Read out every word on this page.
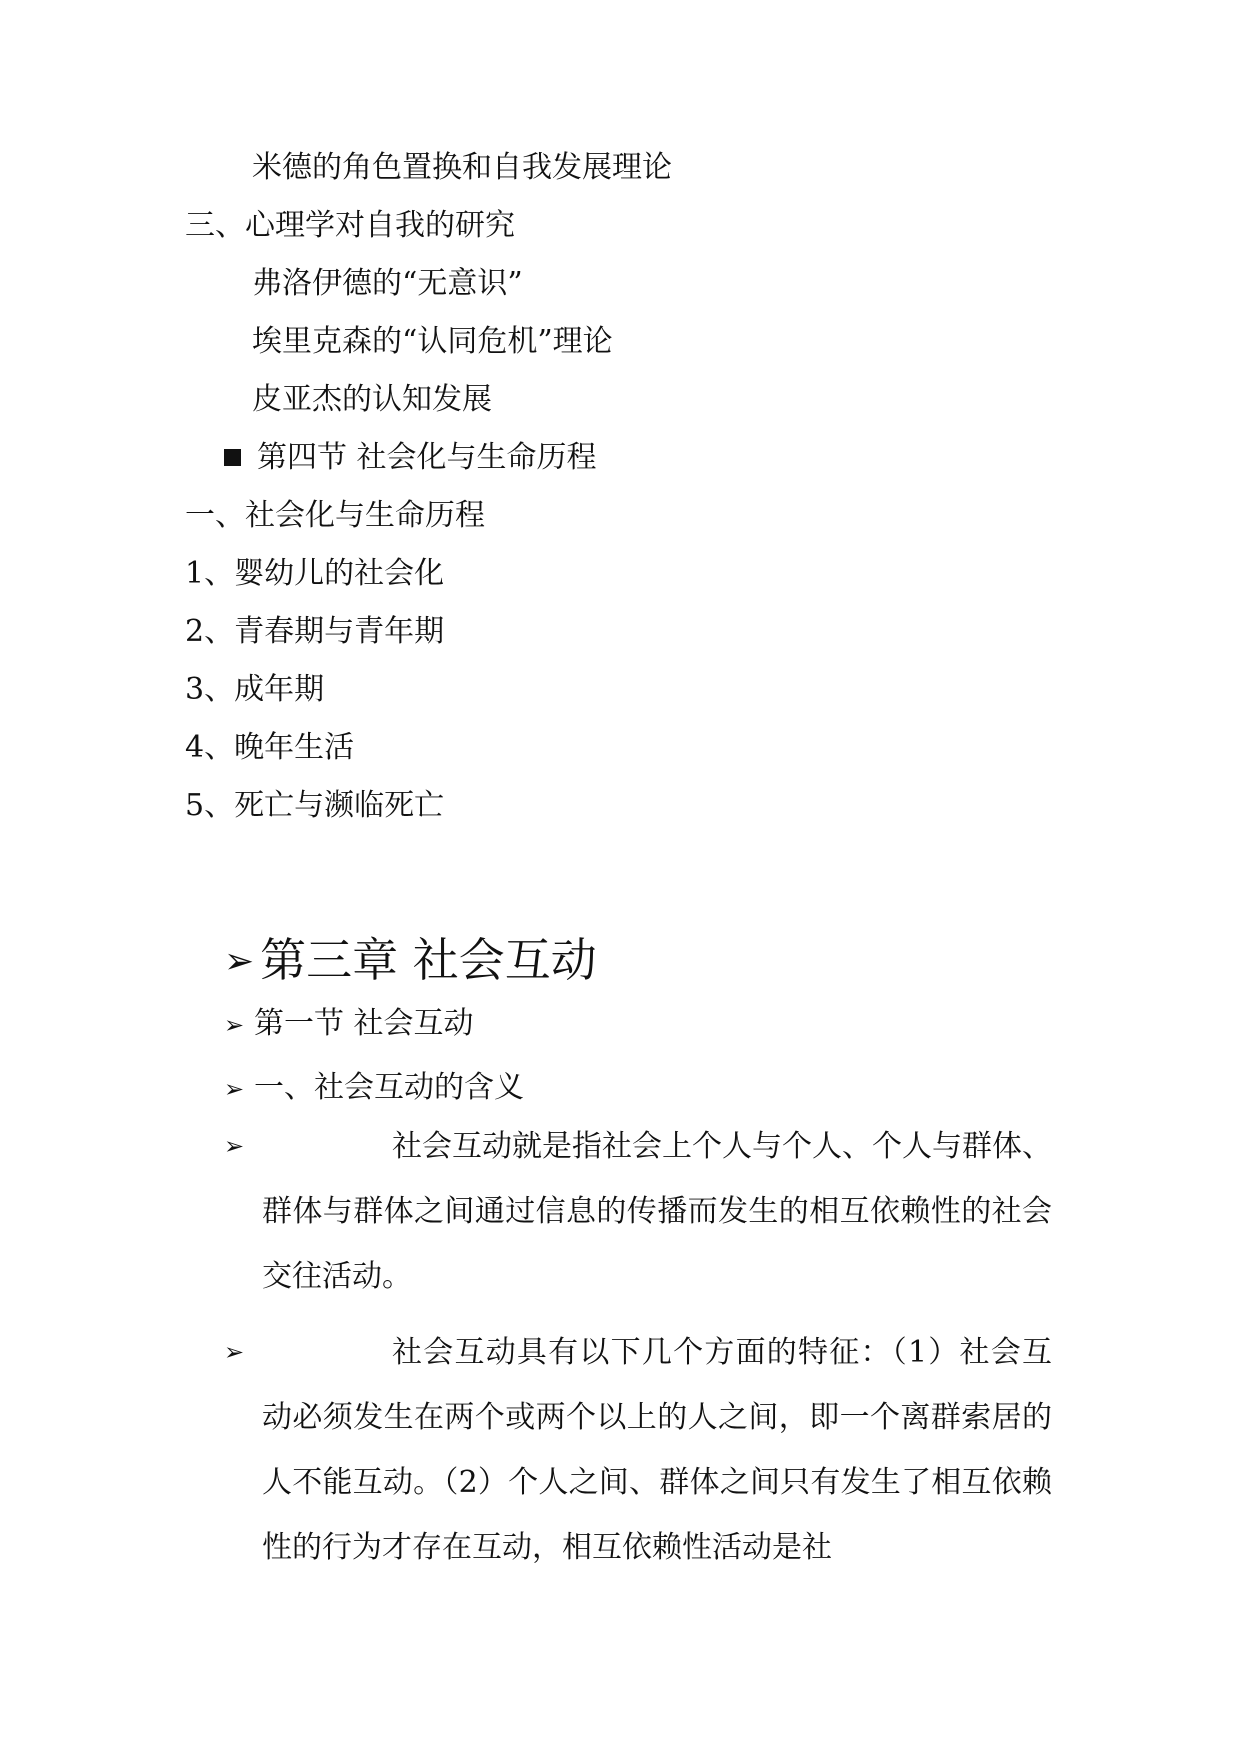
米德的角色置换和自我发展理论
三、心理学对自我的研究
弗洛伊德的“无意识”
埃里克森的“认同危机”理论
皮亚杰的认知发展
第四节 社会化与生命历程
一、社会化与生命历程
1、婴幼儿的社会化
2、青春期与青年期
3、成年期
4、晚年生活
5、死亡与濒临死亡
➢ 第三章 社会互动
➢ 第一节 社会互动
➢ 一、社会互动的含义
➢	社会互动就是指社会上个人与个人、个人与群体、群体与群体之间通过信息的传播而发生的相互依赖性的社会交往活动。
➢	社会互动具有以下几个方面的特征：（1）社会互动必须发生在两个或两个以上的人之间，即一个离群索居的人不能互动。（2）个人之间、群体之间只有发生了相互依赖性的行为才存在互动，相互依赖性活动是社
